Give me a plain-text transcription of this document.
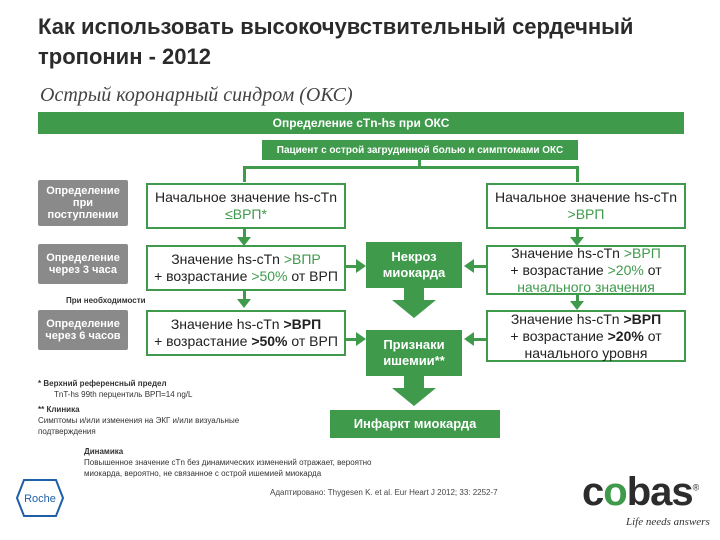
Как использовать высокочувствительный сердечный тропонин - 2012
Острый коронарный синдром (ОКС)
Определение сTn-hs при ОКС
Пациент с острой загрудинной болью и симптомами ОКС
Определение при поступлении
Определение через 3 часа
При необходимости
Определение через 6 часов
Начальное значение hs-cTn
≤ВРП*
Значение hs-cTn >ВПР
+ возрастание >50% от ВРП
Значение hs-cTn >ВРП
+ возрастание >50% от ВРП
Начальное значение hs-cTn
>ВРП
Значение hs-cTn >ВРП
+ возрастание >20% от
начального значения
Значение hs-cTn >ВРП
+ возрастание >20% от
начального уровня
Некроз миокарда
Признаки ишемии**
Инфаркт миокарда
* Верхний референсный предел
TnT-hs 99th перцентиль ВРП=14 ng/L
** Клиника
Симптомы и/или изменения на ЭКГ и/или визуальные
подтверждения
Динамика
Повышенное значение сTn без динамических изменений отражает, вероятно
миокарда, вероятно, не связанное с острой ишемией миокарда
Адаптировано: Thygesen K. et al. Eur Heart J 2012; 33: 2252-7
Roche	cobas®
Life needs answers
